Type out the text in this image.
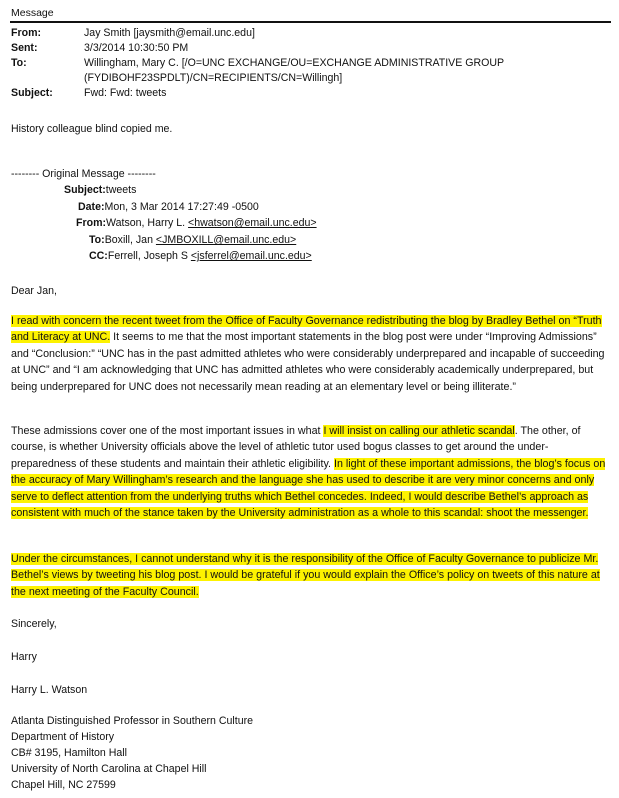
Message
From:	Jay Smith [jaysmith@email.unc.edu]
Sent:	3/3/2014 10:30:50 PM
To:	Willingham, Mary C. [/O=UNC EXCHANGE/OU=EXCHANGE ADMINISTRATIVE GROUP
(FYDIBOHF23SPDLT)/CN=RECIPIENTS/CN=Willingh]
Subject:	Fwd: Fwd: tweets
History colleague blind copied me.
-------- Original Message --------
Subject:tweets
Date:Mon, 3 Mar 2014 17:27:49 -0500
From:Watson, Harry L. <hwatson@email.unc.edu>
To:Boxill, Jan <JMBOXILL@email.unc.edu>
CC:Ferrell, Joseph S <jsferrel@email.unc.edu>
Dear Jan,
I read with concern the recent tweet from the Office of Faculty Governance redistributing the blog by Bradley Bethel on “Truth and Literacy at UNC. It seems to me that the most important statements in the blog post were under “Improving Admissions” and “Conclusion:” “UNC has in the past admitted athletes who were considerably underprepared and incapable of succeeding at UNC” and “I am acknowledging that UNC has admitted athletes who were considerably academically underprepared, but being underprepared for UNC does not necessarily mean reading at an elementary level or being illiterate.”
These admissions cover one of the most important issues in what I will insist on calling our athletic scandal. The other, of course, is whether University officials above the level of athletic tutor used bogus classes to get around the under-preparedness of these students and maintain their athletic eligibility. In light of these important admissions, the blog’s focus on the accuracy of Mary Willingham’s research and the language she has used to describe it are very minor concerns and only serve to deflect attention from the underlying truths which Bethel concedes. Indeed, I would describe Bethel’s approach as consistent with much of the stance taken by the University administration as a whole to this scandal: shoot the messenger.
Under the circumstances, I cannot understand why it is the responsibility of the Office of Faculty Governance to publicize Mr. Bethel’s views by tweeting his blog post. I would be grateful if you would explain the Office’s policy on tweets of this nature at the next meeting of the Faculty Council.
Sincerely,
Harry
Harry L. Watson
Atlanta Distinguished Professor in Southern Culture
Department of History
CB# 3195, Hamilton Hall
University of North Carolina at Chapel Hill
Chapel Hill, NC 27599
